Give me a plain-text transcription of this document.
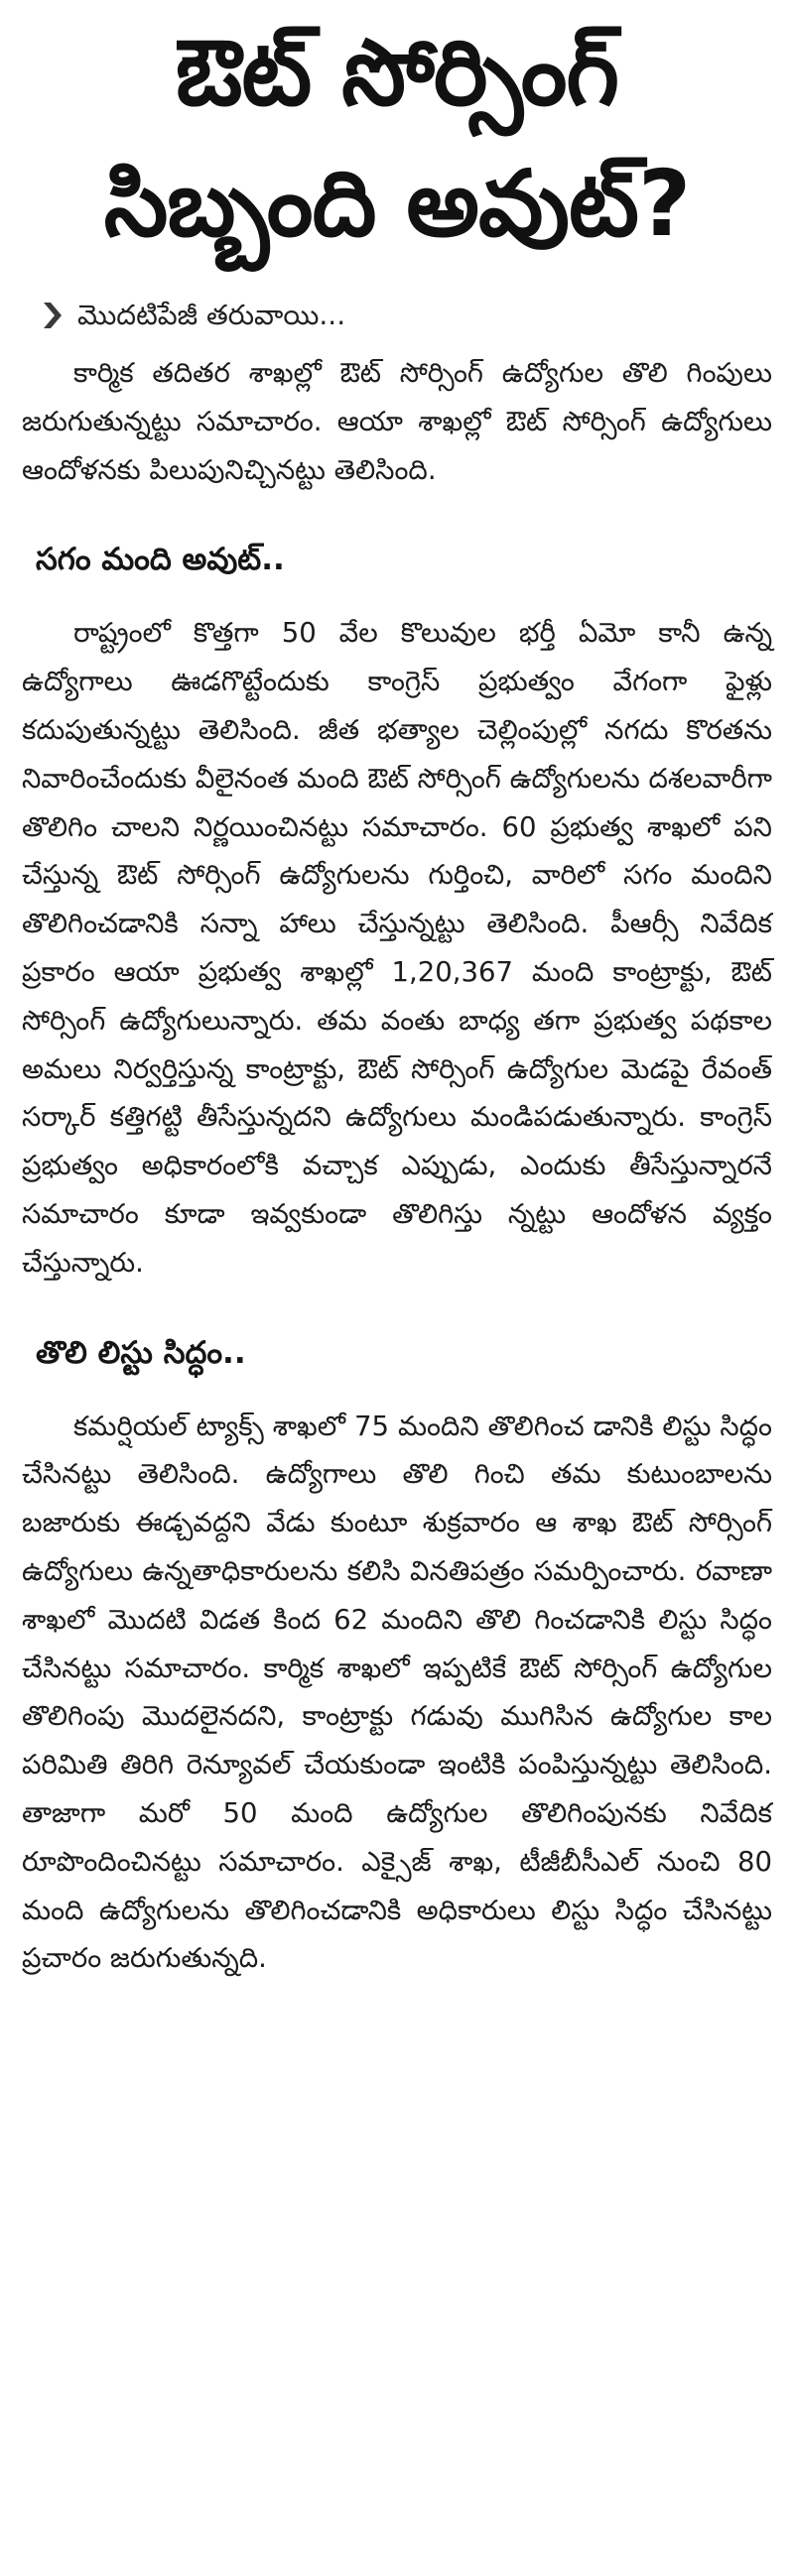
ఔట్ సోర్సింగ్
సిబ్బంది అవుట్?
మొదటిపేజీ తరువాయి...

కార్మిక తదితర శాఖల్లో ఔట్ సోర్సింగ్ ఉద్యోగుల తొలి గింపులు జరుగుతున్నట్టు సమాచారం. ఆయా శాఖల్లో ఔట్ సోర్సింగ్ ఉద్యోగులు ఆందోళనకు పిలుపునిచ్చినట్టు తెలిసింది.

సగం మంది అవుట్..

రాష్ట్రంలో కొత్తగా 50 వేల కొలువుల భర్తీ ఏమో కానీ ఉన్న ఉద్యోగాలు ఊడగొట్టేందుకు కాంగ్రెస్ ప్రభుత్వం వేగంగా ఫైళ్లు కదుపుతున్నట్టు తెలిసింది. జీత భత్యాల చెల్లింపుల్లో నగదు కొరతను నివారించేందుకు వీలైనంత మంది ఔట్ సోర్సింగ్ ఉద్యోగులను దశలవారీగా తొలిగిం చాలని నిర్ణయించినట్టు సమాచారం. 60 ప్రభుత్వ శాఖలో పని చేస్తున్న ఔట్ సోర్సింగ్ ఉద్యోగులను గుర్తించి, వారిలో సగం మందిని తొలిగించడానికి సన్నా హాలు చేస్తున్నట్టు తెలిసింది. పీఆర్సీ నివేదిక ప్రకారం ఆయా ప్రభుత్వ శాఖల్లో 1,20,367 మంది కాంట్రాక్టు, ఔట్ సోర్సింగ్ ఉద్యోగులున్నారు. తమ వంతు బాధ్య తగా ప్రభుత్వ పథకాల అమలు నిర్వర్తిస్తున్న కాంట్రాక్టు, ఔట్ సోర్సింగ్ ఉద్యోగుల మెడపై రేవంత్ సర్కార్ కత్తిగట్టి తీసేస్తున్నదని ఉద్యోగులు మండిపడుతున్నారు. కాంగ్రెస్ ప్రభుత్వం అధికారంలోకి వచ్చాక ఎప్పుడు, ఎందుకు తీసేస్తున్నారనే సమాచారం కూడా ఇవ్వకుండా తొలిగిస్తు న్నట్టు ఆందోళన వ్యక్తం చేస్తున్నారు.

తొలి లిస్టు సిద్ధం..

కమర్షియల్ ట్యాక్స్ శాఖలో 75 మందిని తొలిగించ డానికి లిస్టు సిద్ధం చేసినట్టు తెలిసింది. ఉద్యోగాలు తొలి గించి తమ కుటుంబాలను బజారుకు ఈడ్చవద్దని వేడు కుంటూ శుక్రవారం ఆ శాఖ ఔట్ సోర్సింగ్ ఉద్యోగులు ఉన్నతాధికారులను కలిసి వినతిపత్రం సమర్పించారు. రవాణా శాఖలో మొదటి విడత కింద 62 మందిని తొలి గించడానికి లిస్టు సిద్ధం చేసినట్టు సమాచారం. కార్మిక శాఖలో ఇప్పటికే ఔట్ సోర్సింగ్ ఉద్యోగుల తొలిగింపు మొదలైనదని, కాంట్రాక్టు గడువు ముగిసిన ఉద్యోగుల కాల పరిమితి తిరిగి రెన్యూవల్ చేయకుండా ఇంటికి పంపిస్తున్నట్టు తెలిసింది. తాజాగా మరో 50 మంది ఉద్యోగుల తొలిగింపునకు నివేదిక రూపొందించినట్టు సమాచారం. ఎక్సైజ్ శాఖ, టీజీబీసీఎల్ నుంచి 80 మంది ఉద్యోగులను తొలిగించడానికి అధికారులు లిస్టు సిద్ధం చేసినట్టు ప్రచారం జరుగుతున్నది.
